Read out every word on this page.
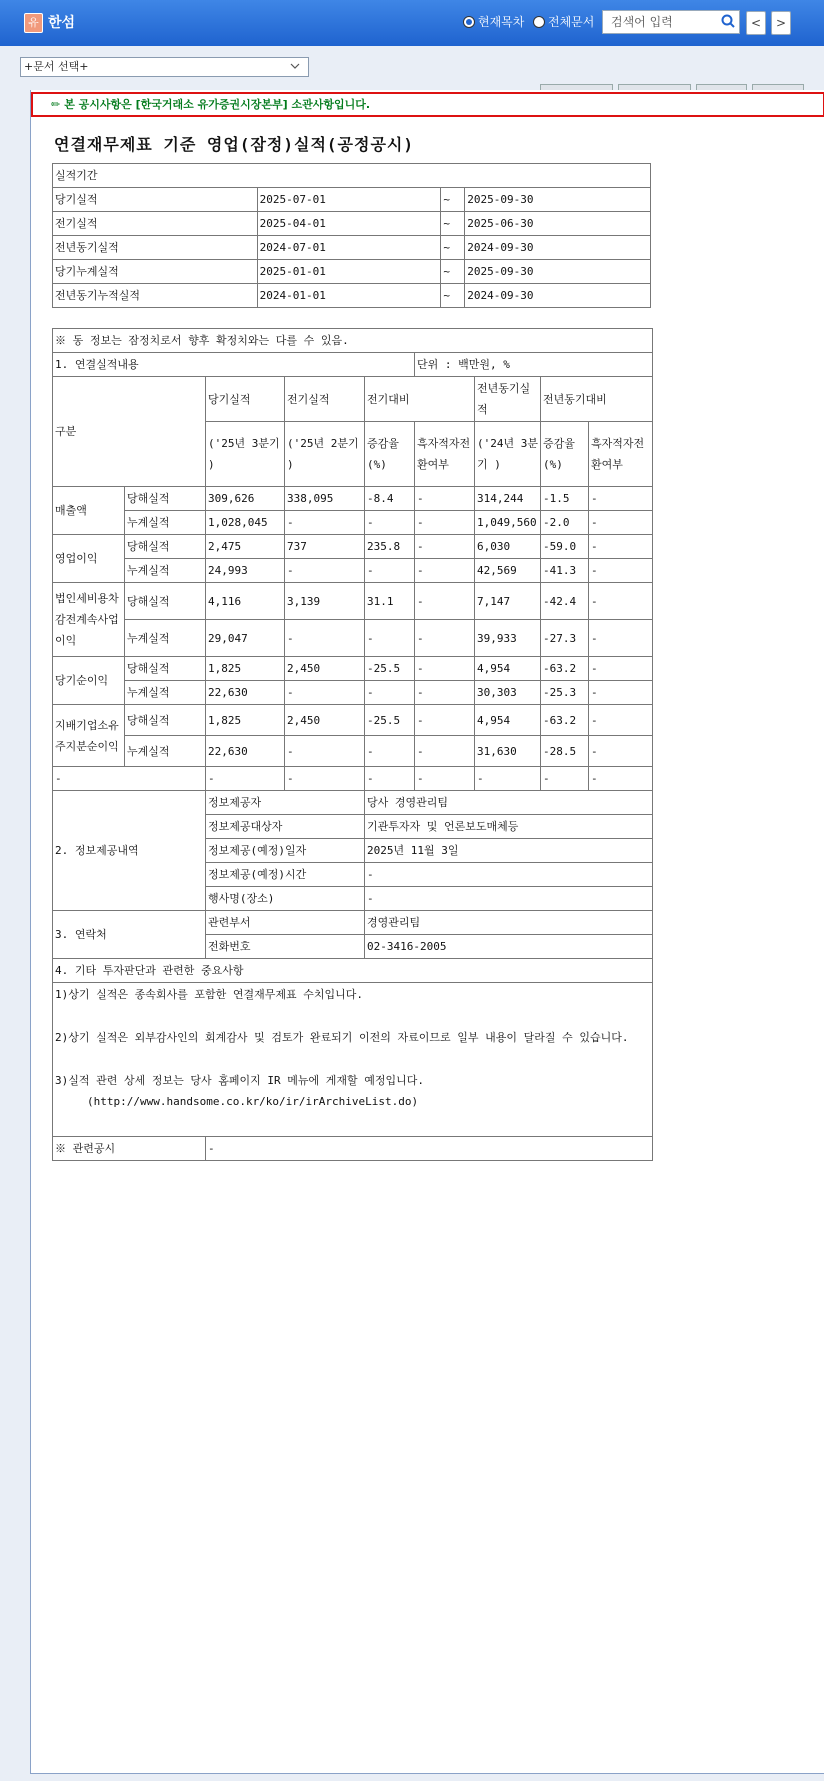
유 한섬	현재목차 전체문서	검색어 입력	<	>
+문서 선택+
✏ 본 공시사항은 [한국거래소 유가증권시장본부] 소관사항입니다.
연결재무제표 기준 영업(잠정)실적(공정공시)
실적기간			
당기실적	2025-07-01	~	2025-09-30
전기실적	2025-04-01	~	2025-06-30
전년동기실적	2024-07-01	~	2024-09-30
당기누계실적	2025-01-01	~	2025-09-30
전년동기누적실적	2024-01-01	~	2024-09-30
※ 동 정보는 잠정치로서 향후 확정치와는 다를 수 있음.								
1. 연결실적내용					단위 : 백만원, %			
구분		당기실적	전기실적	전기대비		전년동기실적	전년동기대비	
		('25년 3분기 )	('25년 2분기 )	증감율(%)	흑자적자전환여부	('24년 3분기 )	증감율(%)	흑자적자전환여부
매출액	당해실적	309,626	338,095	-8.4	-	314,244	-1.5	-
	누계실적	1,028,045	-	-	-	1,049,560	-2.0	-
영업이익	당해실적	2,475	737	235.8	-	6,030	-59.0	-
	누계실적	24,993	-	-	-	42,569	-41.3	-
법인세비용차감전계속사업이익	당해실적	4,116	3,139	31.1	-	7,147	-42.4	-
	누계실적	29,047	-	-	-	39,933	-27.3	-
당기순이익	당해실적	1,825	2,450	-25.5	-	4,954	-63.2	-
	누계실적	22,630	-	-	-	30,303	-25.3	-
지배기업소유주지분순이익	당해실적	1,825	2,450	-25.5	-	4,954	-63.2	-
	누계실적	22,630	-	-	-	31,630	-28.5	-
-		-	-	-	-	-	-	-
2. 정보제공내역		정보제공자		당사 경영관리팀				
		정보제공대상자		기관투자자 및 언론보도매체등				
		정보제공(예정)일자		2025년 11월 3일				
		정보제공(예정)시간		-				
		행사명(장소)		-				
3. 연락처		관련부서		경영관리팀				
		전화번호		02-3416-2005				
4. 기타 투자판단과 관련한 중요사항								

1)상기 실적은 종속회사를 포함한 연결재무제표 수치입니다.
2)상기 실적은 외부감사인의 회계감사 및 검토가 완료되기 이전의 자료이므로 일부 내용이 달라질 수 있습니다.
3)실적 관련 상세 정보는 당사 홈페이지 IR 메뉴에 게재할 예정입니다.
(http://www.handsome.co.kr/ko/ir/irArchiveList.do)								

※ 관련공시		-						
